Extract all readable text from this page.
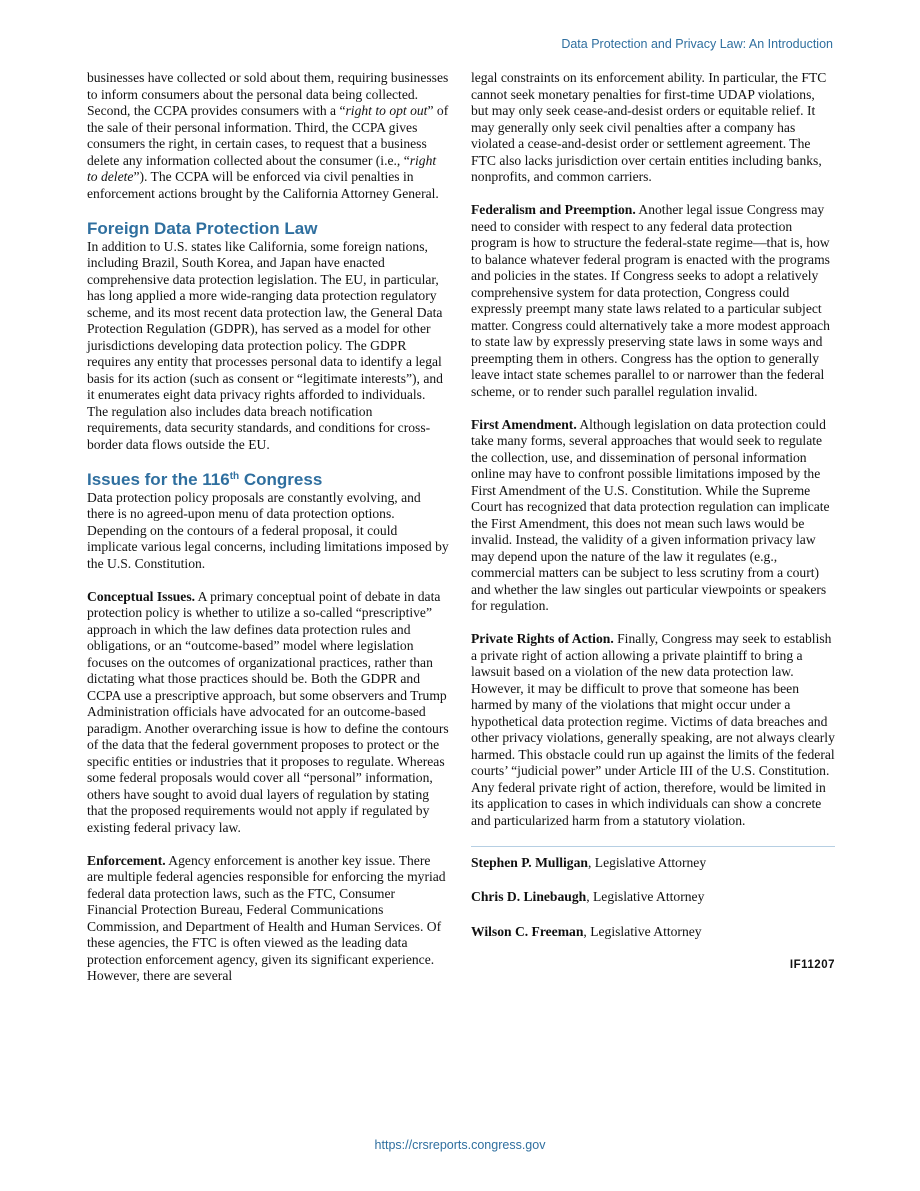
Data Protection and Privacy Law: An Introduction

businesses have collected or sold about them, requiring businesses to inform consumers about the personal data being collected. Second, the CCPA provides consumers with a “right to opt out” of the sale of their personal information. Third, the CCPA gives consumers the right, in certain cases, to request that a business delete any information collected about the consumer (i.e., “right to delete”). The CCPA will be enforced via civil penalties in enforcement actions brought by the California Attorney General.

Foreign Data Protection Law

In addition to U.S. states like California, some foreign nations, including Brazil, South Korea, and Japan have enacted comprehensive data protection legislation. The EU, in particular, has long applied a more wide-ranging data protection regulatory scheme, and its most recent data protection law, the General Data Protection Regulation (GDPR), has served as a model for other jurisdictions developing data protection policy. The GDPR requires any entity that processes personal data to identify a legal basis for its action (such as consent or “legitimate interests”), and it enumerates eight data privacy rights afforded to individuals. The regulation also includes data breach notification requirements, data security standards, and conditions for cross-border data flows outside the EU.

Issues for the 116th Congress

Data protection policy proposals are constantly evolving, and there is no agreed-upon menu of data protection options. Depending on the contours of a federal proposal, it could implicate various legal concerns, including limitations imposed by the U.S. Constitution.

Conceptual Issues. A primary conceptual point of debate in data protection policy is whether to utilize a so-called “prescriptive” approach in which the law defines data protection rules and obligations, or an “outcome-based” model where legislation focuses on the outcomes of organizational practices, rather than dictating what those practices should be. Both the GDPR and CCPA use a prescriptive approach, but some observers and Trump Administration officials have advocated for an outcome-based paradigm. Another overarching issue is how to define the contours of the data that the federal government proposes to protect or the specific entities or industries that it proposes to regulate. Whereas some federal proposals would cover all “personal” information, others have sought to avoid dual layers of regulation by stating that the proposed requirements would not apply if regulated by existing federal privacy law.

Enforcement. Agency enforcement is another key issue. There are multiple federal agencies responsible for enforcing the myriad federal data protection laws, such as the FTC, Consumer Financial Protection Bureau, Federal Communications Commission, and Department of Health and Human Services. Of these agencies, the FTC is often viewed as the leading data protection enforcement agency, given its significant experience. However, there are several

legal constraints on its enforcement ability. In particular, the FTC cannot seek monetary penalties for first-time UDAP violations, but may only seek cease-and-desist orders or equitable relief. It may generally only seek civil penalties after a company has violated a cease-and-desist order or settlement agreement. The FTC also lacks jurisdiction over certain entities including banks, nonprofits, and common carriers.

Federalism and Preemption. Another legal issue Congress may need to consider with respect to any federal data protection program is how to structure the federal-state regime—that is, how to balance whatever federal program is enacted with the programs and policies in the states. If Congress seeks to adopt a relatively comprehensive system for data protection, Congress could expressly preempt many state laws related to a particular subject matter. Congress could alternatively take a more modest approach to state law by expressly preserving state laws in some ways and preempting them in others. Congress has the option to generally leave intact state schemes parallel to or narrower than the federal scheme, or to render such parallel regulation invalid.

First Amendment. Although legislation on data protection could take many forms, several approaches that would seek to regulate the collection, use, and dissemination of personal information online may have to confront possible limitations imposed by the First Amendment of the U.S. Constitution. While the Supreme Court has recognized that data protection regulation can implicate the First Amendment, this does not mean such laws would be invalid. Instead, the validity of a given information privacy law may depend upon the nature of the law it regulates (e.g., commercial matters can be subject to less scrutiny from a court) and whether the law singles out particular viewpoints or speakers for regulation.

Private Rights of Action. Finally, Congress may seek to establish a private right of action allowing a private plaintiff to bring a lawsuit based on a violation of the new data protection law. However, it may be difficult to prove that someone has been harmed by many of the violations that might occur under a hypothetical data protection regime. Victims of data breaches and other privacy violations, generally speaking, are not always clearly harmed. This obstacle could run up against the limits of the federal courts’ “judicial power” under Article III of the U.S. Constitution. Any federal private right of action, therefore, would be limited in its application to cases in which individuals can show a concrete and particularized harm from a statutory violation.

Stephen P. Mulligan, Legislative Attorney

Chris D. Linebaugh, Legislative Attorney

Wilson C. Freeman, Legislative Attorney

IF11207
https://crsreports.congress.gov
